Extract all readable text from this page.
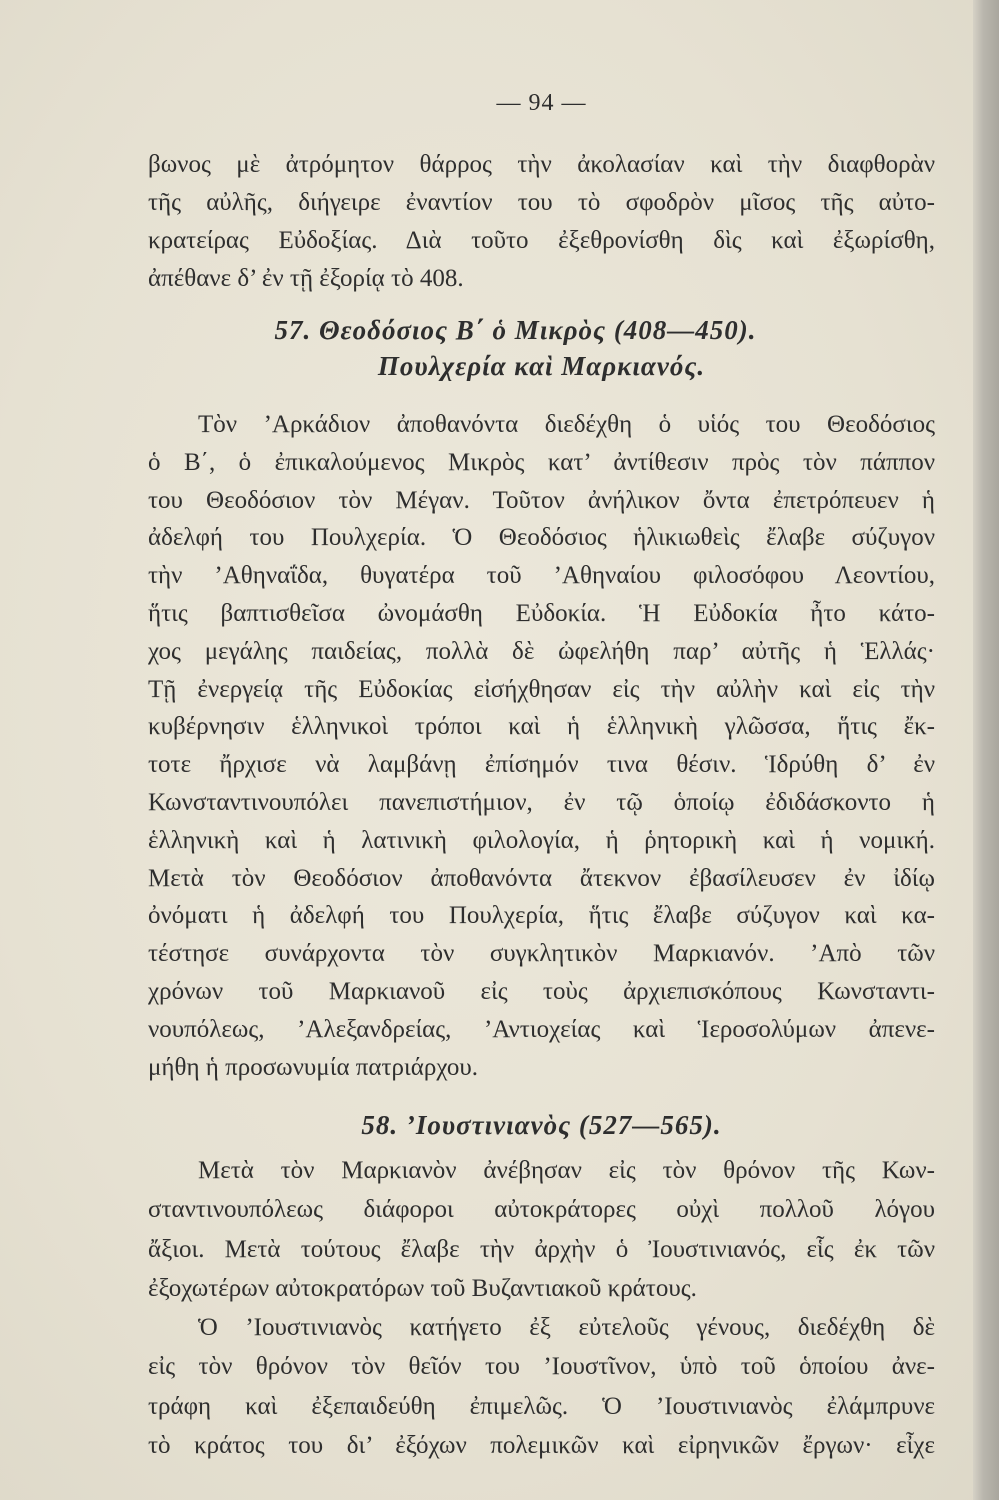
— 94 —
βωνος μὲ ἀτρόμητον θάρρος τὴν ἀκολασίαν καὶ τὴν διαφθορὰν
τῆς αὐλῆς, διήγειρε ἐναντίον του τὸ σφοδρὸν μῖσος τῆς αὐτο-
κρατείρας Εὐδοξίας. Διὰ τοῦτο ἐξεθρονίσθη δὶς καὶ ἐξωρίσθη,
ἀπέθανε δ’ ἐν τῇ ἐξορίᾳ τὸ 408.
57. Θεοδόσιος Β΄ ὁ Μικρὸς (408—450).
Πουλχερία καὶ Μαρκιανός.
Τὸν ’Αρκάδιον ἀποθανόντα διεδέχθη ὁ υἱός του Θεοδόσιος
ὁ Β΄, ὁ ἐπικαλούμενος Μικρὸς κατ’ ἀντίθεσιν πρὸς τὸν πάππον
του Θεοδόσιον τὸν Μέγαν. Τοῦτον ἀνήλικον ὄντα ἐπετρόπευεν ἡ
ἀδελφή του Πουλχερία. Ὁ Θεοδόσιος ἡλικιωθεὶς ἔλαβε σύζυγον
τὴν ’Αθηναΐδα, θυγατέρα τοῦ ’Αθηναίου φιλοσόφου Λεοντίου,
ἥτις βαπτισθεῖσα ὠνομάσθη Εὐδοκία. Ἡ Εὐδοκία ἦτο κάτο-
χος μεγάλης παιδείας, πολλὰ δὲ ὠφελήθη παρ’ αὐτῆς ἡ Ἑλλάς·
Τῇ ἐνεργείᾳ τῆς Εὐδοκίας εἰσήχθησαν εἰς τὴν αὐλὴν καὶ εἰς τὴν
κυβέρνησιν ἑλληνικοὶ τρόποι καὶ ἡ ἑλληνικὴ γλῶσσα, ἥτις ἔκ-
τοτε ἤρχισε νὰ λαμβάνῃ ἐπίσημόν τινα θέσιν. Ἱδρύθη δ’ ἐν
Κωνσταντινουπόλει πανεπιστήμιον, ἐν τῷ ὁποίῳ ἐδιδάσκοντο ἡ
ἑλληνικὴ καὶ ἡ λατινικὴ φιλολογία, ἡ ῥητορικὴ καὶ ἡ νομική.
Μετὰ τὸν Θεοδόσιον ἀποθανόντα ἄτεκνον ἐβασίλευσεν ἐν ἰδίῳ
ὀνόματι ἡ ἀδελφή του Πουλχερία, ἥτις ἔλαβε σύζυγον καὶ κα-
τέστησε συνάρχοντα τὸν συγκλητικὸν Μαρκιανόν. ’Απὸ τῶν
χρόνων τοῦ Μαρκιανοῦ εἰς τοὺς ἀρχιεπισκόπους Κωνσταντι-
νουπόλεως, ’Αλεξανδρείας, ’Αντιοχείας καὶ Ἱεροσολύμων ἀπενε-
μήθη ἡ προσωνυμία πατριάρχου.
58. ’Ιουστινιανὸς (527—565).
Μετὰ τὸν Μαρκιανὸν ἀνέβησαν εἰς τὸν θρόνον τῆς Κων-
σταντινουπόλεως διάφοροι αὐτοκράτορες οὐχὶ πολλοῦ λόγου
ἄξιοι. Μετὰ τούτους ἔλαβε τὴν ἀρχὴν ὁ Ἰουστινιανός, εἷς ἐκ τῶν
ἐξοχωτέρων αὐτοκρατόρων τοῦ Βυζαντιακοῦ κράτους.
Ὁ ’Ιουστινιανὸς κατήγετο ἐξ εὐτελοῦς γένους, διεδέχθη δὲ
εἰς τὸν θρόνον τὸν θεῖόν του ’Ιουστῖνον, ὑπὸ τοῦ ὁποίου ἀνε-
τράφη καὶ ἐξεπαιδεύθη ἐπιμελῶς. Ὁ ’Ιουστινιανὸς ἐλάμπρυνε
τὸ κράτος του δι’ ἐξόχων πολεμικῶν καὶ εἰρηνικῶν ἔργων· εἶχε
